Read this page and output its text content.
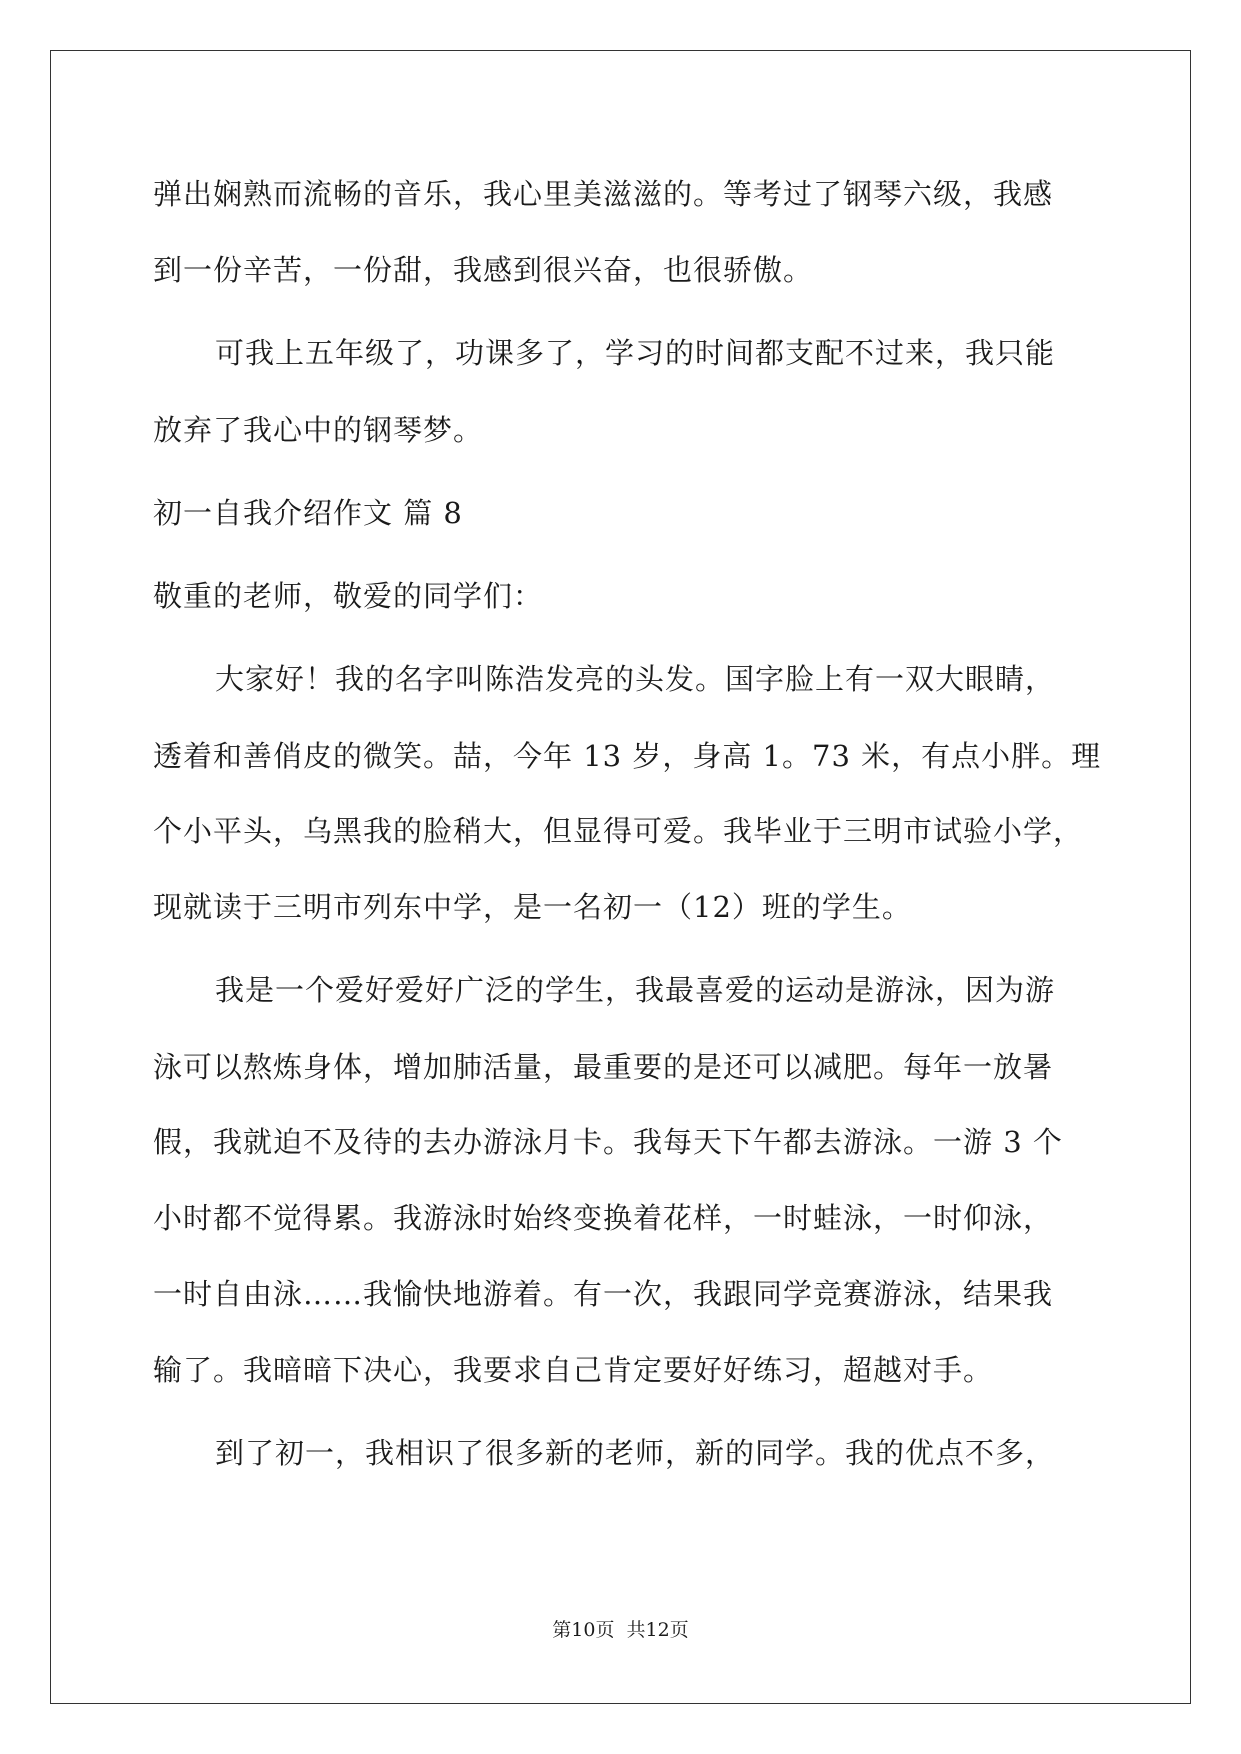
弹出娴熟而流畅的音乐，我心里美滋滋的。等考过了钢琴六级，我感
到一份辛苦，一份甜，我感到很兴奋，也很骄傲。
可我上五年级了，功课多了，学习的时间都支配不过来，我只能
放弃了我心中的钢琴梦。
初一自我介绍作文 篇 8
敬重的老师，敬爱的同学们：
大家好！我的名字叫陈浩发亮的头发。国字脸上有一双大眼睛，
透着和善俏皮的微笑。喆，今年 13 岁，身高 1。73 米，有点小胖。理
个小平头，乌黑我的脸稍大，但显得可爱。我毕业于三明市试验小学，
现就读于三明市列东中学，是一名初一（12）班的学生。
我是一个爱好爱好广泛的学生，我最喜爱的运动是游泳，因为游
泳可以熬炼身体，增加肺活量，最重要的是还可以减肥。每年一放暑
假，我就迫不及待的去办游泳月卡。我每天下午都去游泳。一游 3 个
小时都不觉得累。我游泳时始终变换着花样，一时蛙泳，一时仰泳，
一时自由泳……我愉快地游着。有一次，我跟同学竞赛游泳，结果我
输了。我暗暗下决心，我要求自己肯定要好好练习，超越对手。
到了初一，我相识了很多新的老师，新的同学。我的优点不多，
第10页 共12页
